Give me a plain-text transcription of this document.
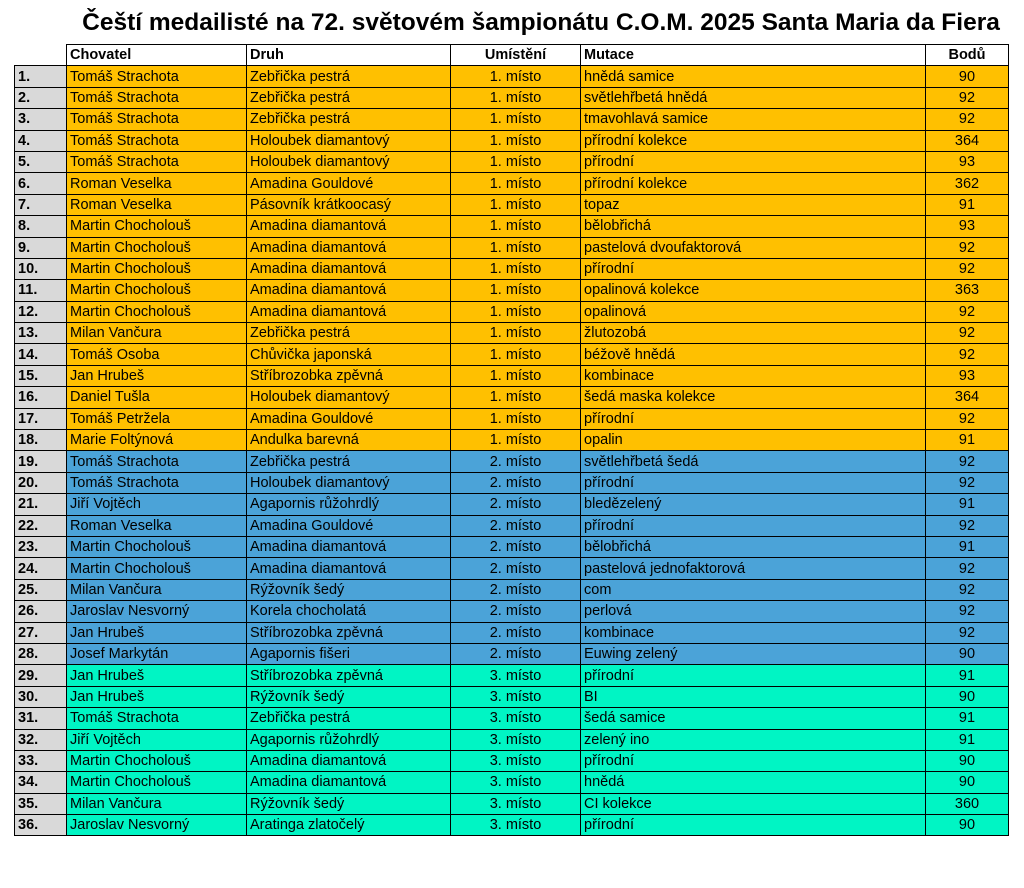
Čeští medailisté na 72. světovém šampionátu C.O.M. 2025 Santa Maria da Fiera
	Chovatel	Druh	Umístění	Mutace	Bodů
1.	Tomáš Strachota	Zebřička pestrá	1. místo	hnědá samice	90
2.	Tomáš Strachota	Zebřička pestrá	1. místo	světlehřbetá hnědá	92
3.	Tomáš Strachota	Zebřička pestrá	1. místo	tmavohlavá samice	92
4.	Tomáš Strachota	Holoubek diamantový	1. místo	přírodní kolekce	364
5.	Tomáš Strachota	Holoubek diamantový	1. místo	přírodní	93
6.	Roman Veselka	Amadina Gouldové	1. místo	přírodní kolekce	362
7.	Roman Veselka	Pásovník krátkoocasý	1. místo	topaz	91
8.	Martin Chocholouš	Amadina diamantová	1. místo	bělobřichá	93
9.	Martin Chocholouš	Amadina diamantová	1. místo	pastelová dvoufaktorová	92
10.	Martin Chocholouš	Amadina diamantová	1. místo	přírodní	92
11.	Martin Chocholouš	Amadina diamantová	1. místo	opalinová kolekce	363
12.	Martin Chocholouš	Amadina diamantová	1. místo	opalinová	92
13.	Milan Vančura	Zebřička pestrá	1. místo	žlutozobá	92
14.	Tomáš Osoba	Chůvička japonská	1. místo	béžově hnědá	92
15.	Jan Hrubeš	Stříbrozobka zpěvná	1. místo	kombinace	93
16.	Daniel Tušla	Holoubek diamantový	1. místo	šedá maska kolekce	364
17.	Tomáš Petržela	Amadina Gouldové	1. místo	přírodní	92
18.	Marie Foltýnová	Andulka barevná	1. místo	opalin	91
19.	Tomáš Strachota	Zebřička pestrá	2. místo	světlehřbetá šedá	92
20.	Tomáš Strachota	Holoubek diamantový	2. místo	přírodní	92
21.	Jiří Vojtěch	Agapornis růžohrdlý	2. místo	bledězelený	91
22.	Roman Veselka	Amadina Gouldové	2. místo	přírodní	92
23.	Martin Chocholouš	Amadina diamantová	2. místo	bělobřichá	91
24.	Martin Chocholouš	Amadina diamantová	2. místo	pastelová jednofaktorová	92
25.	Milan Vančura	Rýžovník šedý	2. místo	com	92
26.	Jaroslav Nesvorný	Korela chocholatá	2. místo	perlová	92
27.	Jan Hrubeš	Stříbrozobka zpěvná	2. místo	kombinace	92
28.	Josef Markytán	Agapornis fišeri	2. místo	Euwing zelený	90
29.	Jan Hrubeš	Stříbrozobka zpěvná	3. místo	přírodní	91
30.	Jan Hrubeš	Rýžovník šedý	3. místo	BI	90
31.	Tomáš Strachota	Zebřička pestrá	3. místo	šedá samice	91
32.	Jiří Vojtěch	Agapornis růžohrdlý	3. místo	zelený ino	91
33.	Martin Chocholouš	Amadina diamantová	3. místo	přírodní	90
34.	Martin Chocholouš	Amadina diamantová	3. místo	hnědá	90
35.	Milan Vančura	Rýžovník šedý	3. místo	CI kolekce	360
36.	Jaroslav Nesvorný	Aratinga zlatočelý	3. místo	přírodní	90
